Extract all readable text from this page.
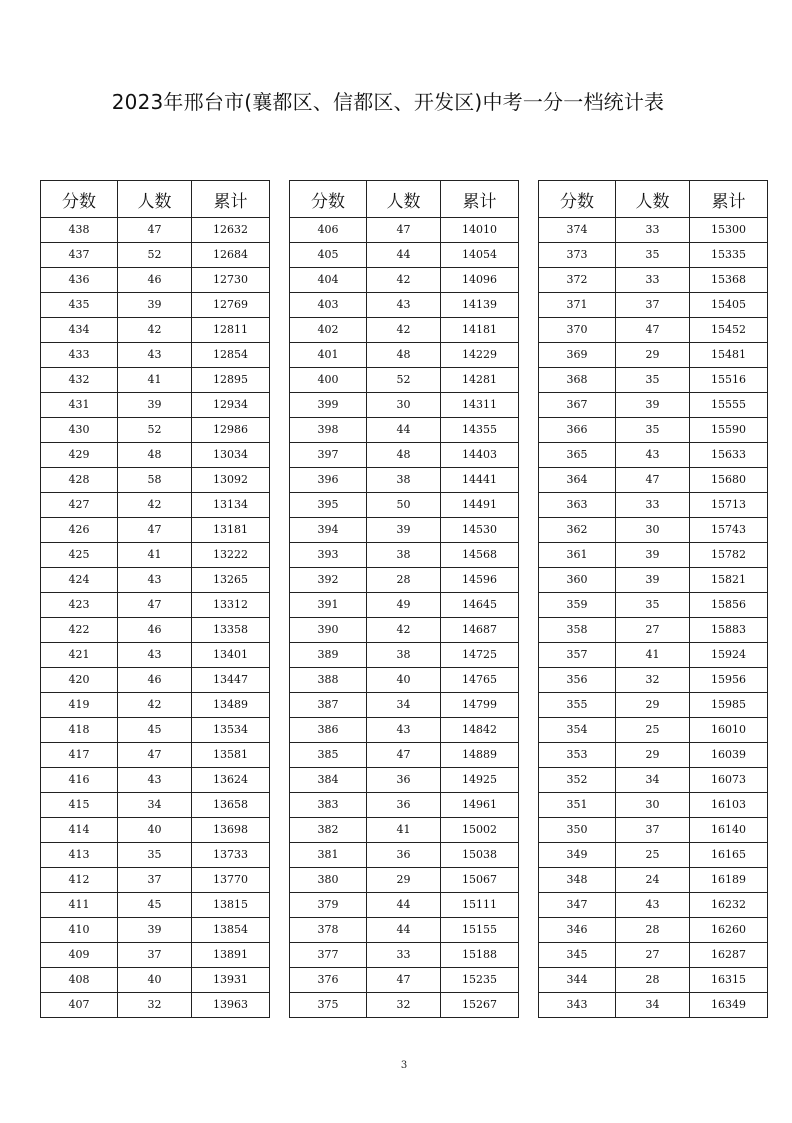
2023年邢台市(襄都区、信都区、开发区)中考一分一档统计表
分数	人数	累计
438	47	12632
437	52	12684
436	46	12730
435	39	12769
434	42	12811
433	43	12854
432	41	12895
431	39	12934
430	52	12986
429	48	13034
428	58	13092
427	42	13134
426	47	13181
425	41	13222
424	43	13265
423	47	13312
422	46	13358
421	43	13401
420	46	13447
419	42	13489
418	45	13534
417	47	13581
416	43	13624
415	34	13658
414	40	13698
413	35	13733
412	37	13770
411	45	13815
410	39	13854
409	37	13891
408	40	13931
407	32	13963
分数	人数	累计
406	47	14010
405	44	14054
404	42	14096
403	43	14139
402	42	14181
401	48	14229
400	52	14281
399	30	14311
398	44	14355
397	48	14403
396	38	14441
395	50	14491
394	39	14530
393	38	14568
392	28	14596
391	49	14645
390	42	14687
389	38	14725
388	40	14765
387	34	14799
386	43	14842
385	47	14889
384	36	14925
383	36	14961
382	41	15002
381	36	15038
380	29	15067
379	44	15111
378	44	15155
377	33	15188
376	47	15235
375	32	15267
分数	人数	累计
374	33	15300
373	35	15335
372	33	15368
371	37	15405
370	47	15452
369	29	15481
368	35	15516
367	39	15555
366	35	15590
365	43	15633
364	47	15680
363	33	15713
362	30	15743
361	39	15782
360	39	15821
359	35	15856
358	27	15883
357	41	15924
356	32	15956
355	29	15985
354	25	16010
353	29	16039
352	34	16073
351	30	16103
350	37	16140
349	25	16165
348	24	16189
347	43	16232
346	28	16260
345	27	16287
344	28	16315
343	34	16349
3
